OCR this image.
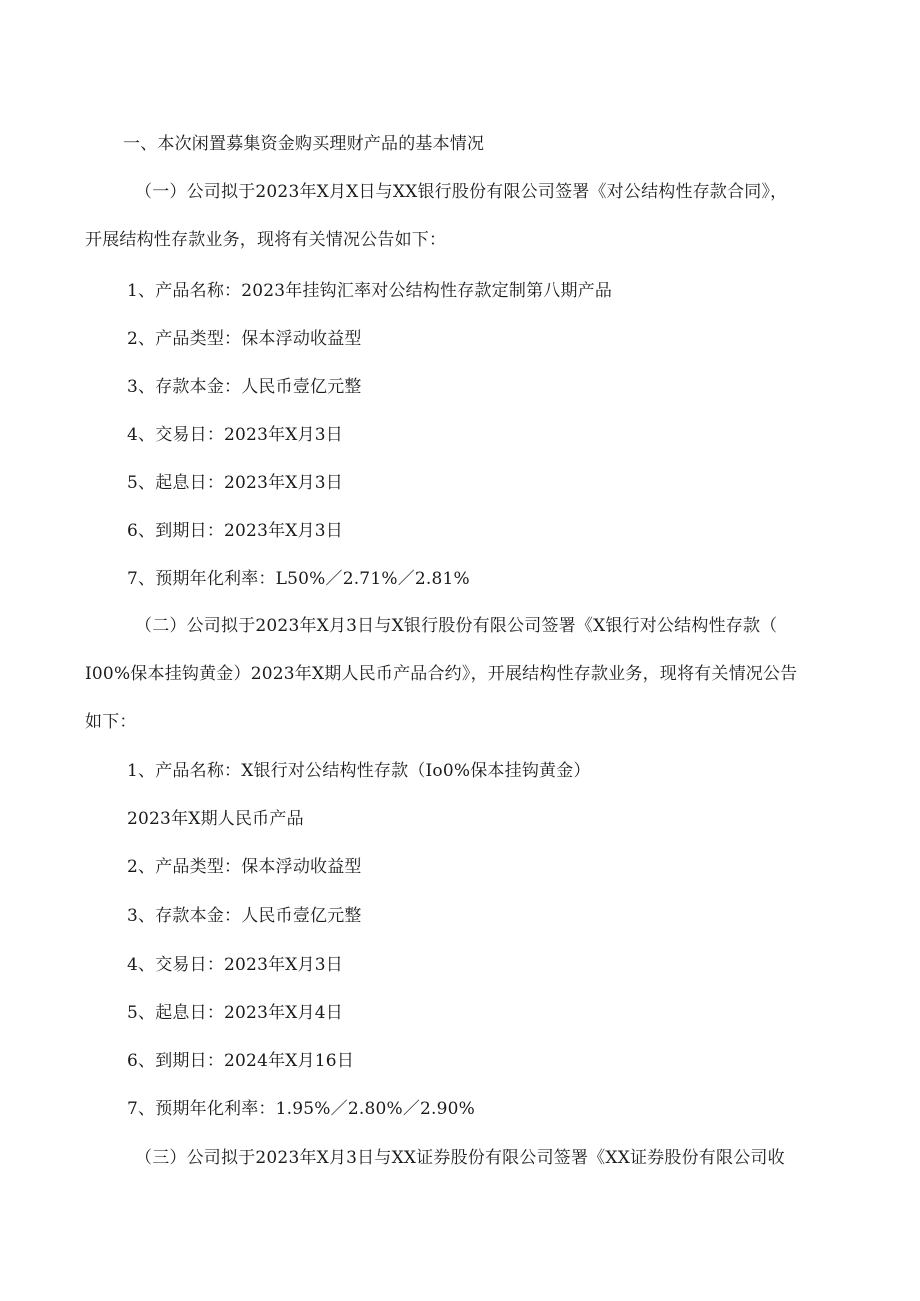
一、本次闲置募集资金购买理财产品的基本情况
（一）公司拟于2023年X月X日与XX银行股份有限公司签署《对公结构性存款合同》，
开展结构性存款业务，现将有关情况公告如下：
1、产品名称：2023年挂钩汇率对公结构性存款定制第八期产品
2、产品类型：保本浮动收益型
3、存款本金：人民币壹亿元整
4、交易日：2023年X月3日
5、起息日：2023年X月3日
6、到期日：2023年X月3日
7、预期年化利率：L50%／2.71%／2.81%
（二）公司拟于2023年X月3日与X银行股份有限公司签署《X银行对公结构性存款（
I00%保本挂钩黄金）2023年X期人民币产品合约》，开展结构性存款业务，现将有关情况公告
如下：
1、产品名称：X银行对公结构性存款（Io0%保本挂钩黄金）
2023年X期人民币产品
2、产品类型：保本浮动收益型
3、存款本金：人民币壹亿元整
4、交易日：2023年X月3日
5、起息日：2023年X月4日
6、到期日：2024年X月16日
7、预期年化利率：1.95%／2.80%／2.90%
（三）公司拟于2023年X月3日与XX证券股份有限公司签署《XX证券股份有限公司收
